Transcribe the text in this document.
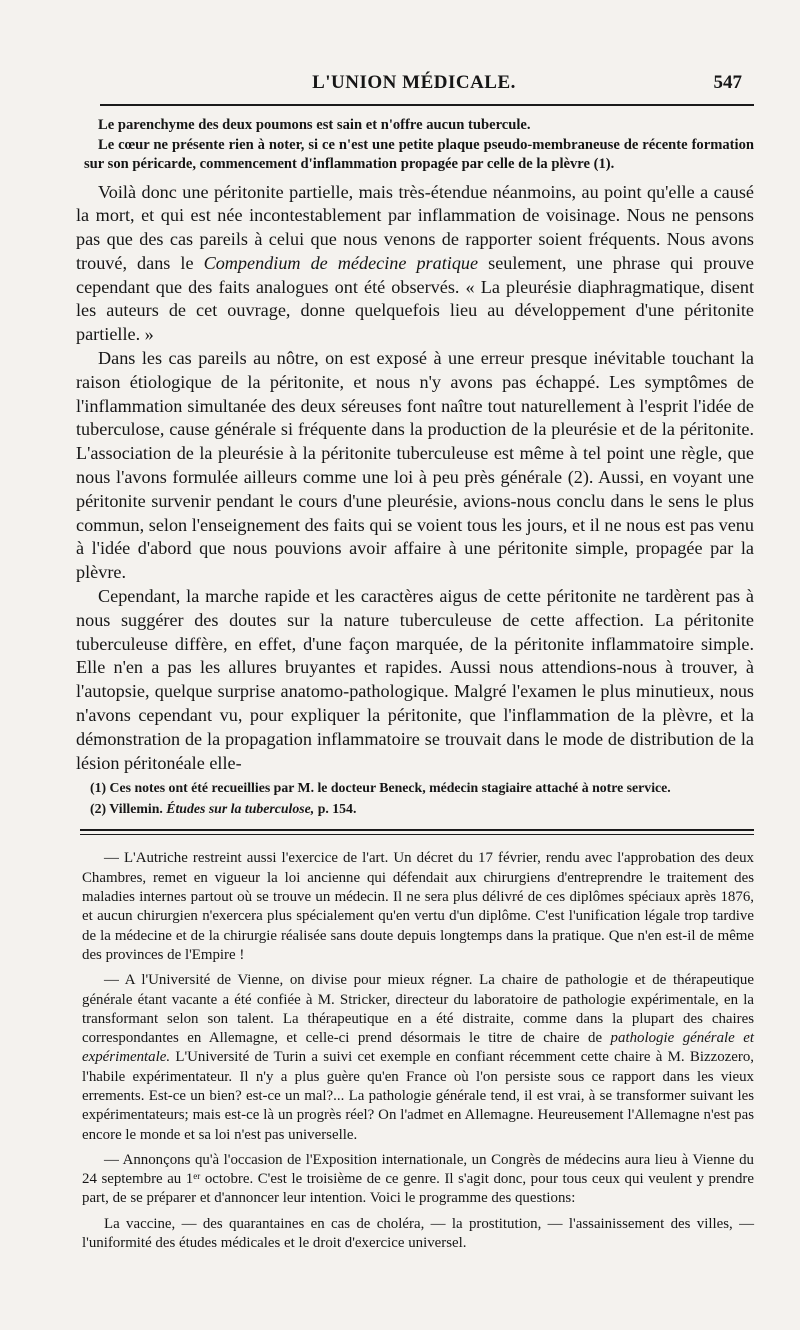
L'UNION MÉDICALE.	547

Le parenchyme des deux poumons est sain et n'offre aucun tubercule.

Le cœur ne présente rien à noter, si ce n'est une petite plaque pseudo-membraneuse de récente formation sur son péricarde, commencement d'inflammation propagée par celle de la plèvre (1).

Voilà donc une péritonite partielle, mais très-étendue néanmoins, au point qu'elle a causé la mort, et qui est née incontestablement par inflammation de voisinage. Nous ne pensons pas que des cas pareils à celui que nous venons de rapporter soient fréquents. Nous avons trouvé, dans le Compendium de médecine pratique seulement, une phrase qui prouve cependant que des faits analogues ont été observés. « La pleurésie diaphragmatique, disent les auteurs de cet ouvrage, donne quelquefois lieu au développement d'une péritonite partielle. »

Dans les cas pareils au nôtre, on est exposé à une erreur presque inévitable touchant la raison étiologique de la péritonite, et nous n'y avons pas échappé. Les symptômes de l'inflammation simultanée des deux séreuses font naître tout naturellement à l'esprit l'idée de tuberculose, cause générale si fréquente dans la production de la pleurésie et de la péritonite. L'association de la pleurésie à la péritonite tuberculeuse est même à tel point une règle, que nous l'avons formulée ailleurs comme une loi à peu près générale (2). Aussi, en voyant une péritonite survenir pendant le cours d'une pleurésie, avions-nous conclu dans le sens le plus commun, selon l'enseignement des faits qui se voient tous les jours, et il ne nous est pas venu à l'idée d'abord que nous pouvions avoir affaire à une péritonite simple, propagée par la plèvre.

Cependant, la marche rapide et les caractères aigus de cette péritonite ne tardèrent pas à nous suggérer des doutes sur la nature tuberculeuse de cette affection. La péritonite tuberculeuse diffère, en effet, d'une façon marquée, de la péritonite inflammatoire simple. Elle n'en a pas les allures bruyantes et rapides. Aussi nous attendions-nous à trouver, à l'autopsie, quelque surprise anatomo-pathologique. Malgré l'examen le plus minutieux, nous n'avons cependant vu, pour expliquer la péritonite, que l'inflammation de la plèvre, et la démonstration de la propagation inflammatoire se trouvait dans le mode de distribution de la lésion péritonéale elle-

(1) Ces notes ont été recueillies par M. le docteur Beneck, médecin stagiaire attaché à notre service.

(2) Villemin. Études sur la tuberculose, p. 154.

— L'Autriche restreint aussi l'exercice de l'art. Un décret du 17 février, rendu avec l'approbation des deux Chambres, remet en vigueur la loi ancienne qui défendait aux chirurgiens d'entreprendre le traitement des maladies internes partout où se trouve un médecin. Il ne sera plus délivré de ces diplômes spéciaux après 1876, et aucun chirurgien n'exercera plus spécialement qu'en vertu d'un diplôme. C'est l'unification légale trop tardive de la médecine et de la chirurgie réalisée sans doute depuis longtemps dans la pratique. Que n'en est-il de même des provinces de l'Empire !

— A l'Université de Vienne, on divise pour mieux régner. La chaire de pathologie et de thérapeutique générale étant vacante a été confiée à M. Stricker, directeur du laboratoire de pathologie expérimentale, en la transformant selon son talent. La thérapeutique en a été distraite, comme dans la plupart des chaires correspondantes en Allemagne, et celle-ci prend désormais le titre de chaire de pathologie générale et expérimentale. L'Université de Turin a suivi cet exemple en confiant récemment cette chaire à M. Bizzozero, l'habile expérimentateur. Il n'y a plus guère qu'en France où l'on persiste sous ce rapport dans les vieux errements. Est-ce un bien? est-ce un mal?... La pathologie générale tend, il est vrai, à se transformer suivant les expérimentateurs; mais est-ce là un progrès réel? On l'admet en Allemagne. Heureusement l'Allemagne n'est pas encore le monde et sa loi n'est pas universelle.

— Annonçons qu'à l'occasion de l'Exposition internationale, un Congrès de médecins aura lieu à Vienne du 24 septembre au 1er octobre. C'est le troisième de ce genre. Il s'agit donc, pour tous ceux qui veulent y prendre part, de se préparer et d'annoncer leur intention. Voici le programme des questions:

La vaccine, — des quarantaines en cas de choléra, — la prostitution, — l'assainissement des villes, — l'uniformité des études médicales et le droit d'exercice universel.
